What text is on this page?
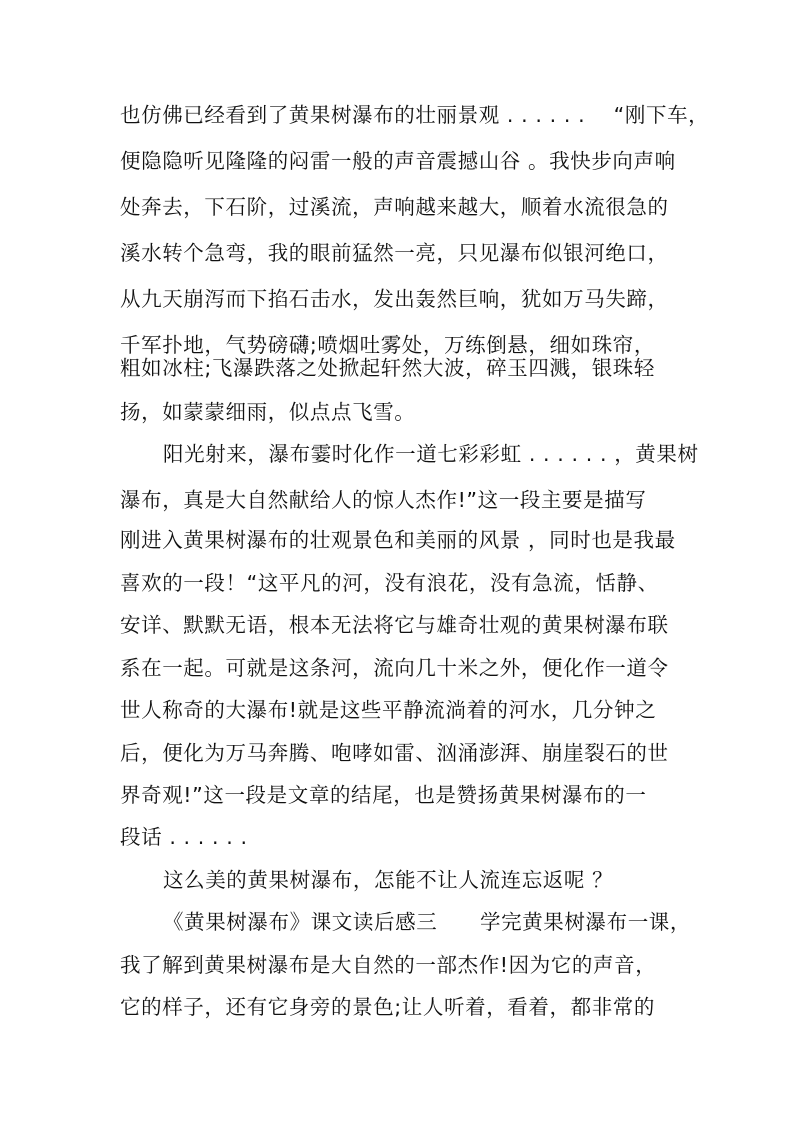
也仿佛已经看到了黄果树瀑布的壮丽景观 . . . . . .    “刚下车，
便隐隐听见隆隆的闷雷一般的声音震撼山谷 。我快步向声响
处奔去，下石阶，过溪流，声响越来越大，顺着水流很急的
溪水转个急弯，我的眼前猛然一亮，只见瀑布似银河绝口，
从九天崩泻而下掐石击水，发出轰然巨响，犹如万马失蹄，
千军扑地，气势磅礴;喷烟吐雾处，万练倒悬，细如珠帘，
粗如冰柱;飞瀑跌落之处掀起轩然大波，碎玉四溅，银珠轻
扬，如蒙蒙细雨，似点点飞雪。
阳光射来，瀑布霎时化作一道七彩彩虹 . . . . . . ，黄果树
瀑布，真是大自然献给人的惊人杰作!”这一段主要是描写
刚进入黄果树瀑布的壮观景色和美丽的风景 ，同时也是我最
喜欢的一段！“这平凡的河，没有浪花，没有急流，恬静、
安详、默默无语，根本无法将它与雄奇壮观的黄果树瀑布联
系在一起。可就是这条河，流向几十米之外，便化作一道令
世人称奇的大瀑布!就是这些平静流淌着的河水，几分钟之
后，便化为万马奔腾、咆哮如雷、汹涌澎湃、崩崖裂石的世
界奇观!”这一段是文章的结尾，也是赞扬黄果树瀑布的一
段话 . . . . . .
这么美的黄果树瀑布，怎能不让人流连忘返呢 ？
《黄果树瀑布》课文读后感三      学完黄果树瀑布一课，
我了解到黄果树瀑布是大自然的一部杰作!因为它的声音，
它的样子，还有它身旁的景色;让人听着，看着，都非常的
